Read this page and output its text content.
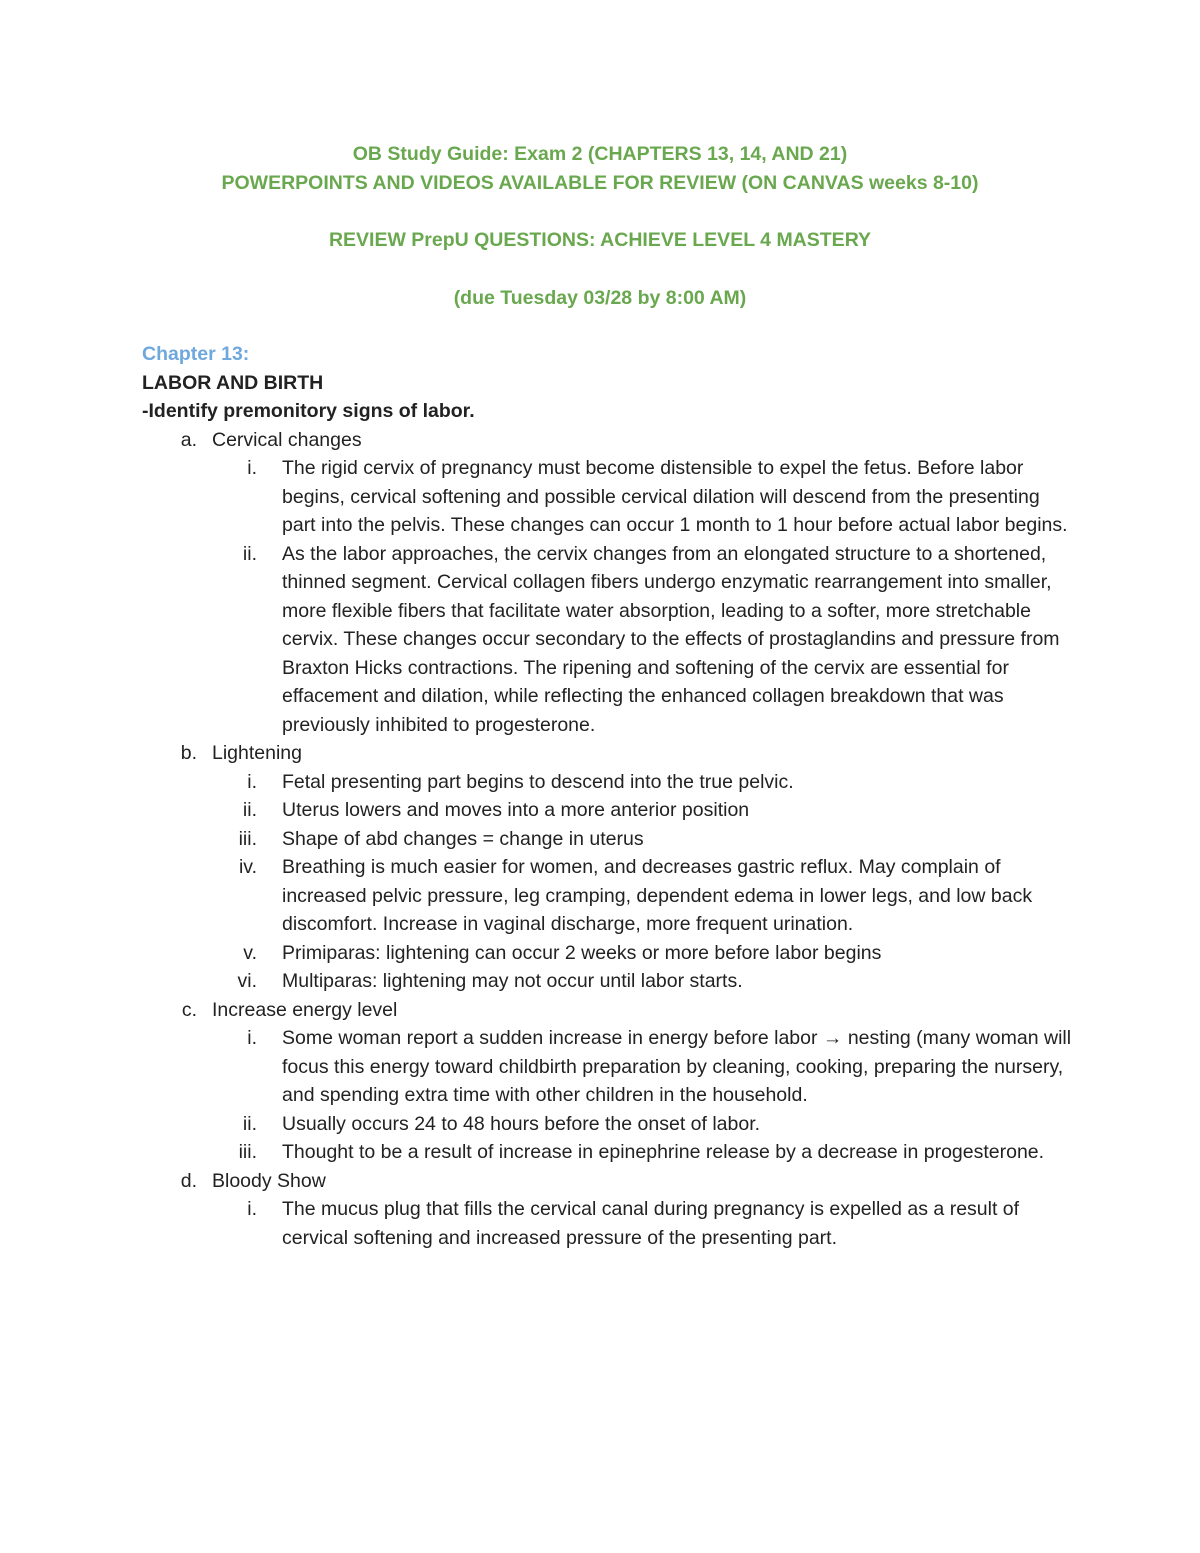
OB Study Guide: Exam 2 (CHAPTERS 13, 14, AND 21)
POWERPOINTS AND VIDEOS AVAILABLE FOR REVIEW (ON CANVAS weeks 8-10)
REVIEW PrepU QUESTIONS: ACHIEVE LEVEL 4 MASTERY
(due Tuesday 03/28 by 8:00 AM)
Chapter 13:
LABOR AND BIRTH
-Identify premonitory signs of labor.
a. Cervical changes
i. The rigid cervix of pregnancy must become distensible to expel the fetus. Before labor begins, cervical softening and possible cervical dilation will descend from the presenting part into the pelvis. These changes can occur 1 month to 1 hour before actual labor begins.
ii. As the labor approaches, the cervix changes from an elongated structure to a shortened, thinned segment. Cervical collagen fibers undergo enzymatic rearrangement into smaller, more flexible fibers that facilitate water absorption, leading to a softer, more stretchable cervix. These changes occur secondary to the effects of prostaglandins and pressure from Braxton Hicks contractions. The ripening and softening of the cervix are essential for effacement and dilation, while reflecting the enhanced collagen breakdown that was previously inhibited to progesterone.
b. Lightening
i. Fetal presenting part begins to descend into the true pelvic.
ii. Uterus lowers and moves into a more anterior position
iii. Shape of abd changes = change in uterus
iv. Breathing is much easier for women, and decreases gastric reflux. May complain of increased pelvic pressure, leg cramping, dependent edema in lower legs, and low back discomfort. Increase in vaginal discharge, more frequent urination.
v. Primiparas: lightening can occur 2 weeks or more before labor begins
vi. Multiparas: lightening may not occur until labor starts.
c. Increase energy level
i. Some woman report a sudden increase in energy before labor → nesting (many woman will focus this energy toward childbirth preparation by cleaning, cooking, preparing the nursery, and spending extra time with other children in the household.
ii. Usually occurs 24 to 48 hours before the onset of labor.
iii. Thought to be a result of increase in epinephrine release by a decrease in progesterone.
d. Bloody Show
i. The mucus plug that fills the cervical canal during pregnancy is expelled as a result of cervical softening and increased pressure of the presenting part.
